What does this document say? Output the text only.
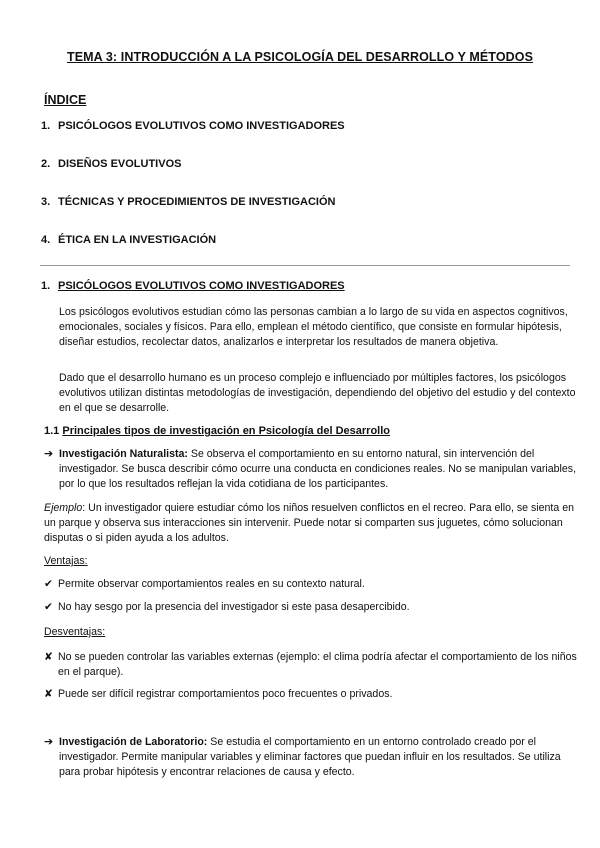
TEMA 3: INTRODUCCIÓN A LA PSICOLOGÍA DEL DESARROLLO Y MÉTODOS
ÍNDICE
1. PSICÓLOGOS EVOLUTIVOS COMO INVESTIGADORES
2. DISEÑOS EVOLUTIVOS
3. TÉCNICAS Y PROCEDIMIENTOS DE INVESTIGACIÓN
4. ÉTICA EN LA INVESTIGACIÓN
1. PSICÓLOGOS EVOLUTIVOS COMO INVESTIGADORES
Los psicólogos evolutivos estudian cómo las personas cambian a lo largo de su vida en aspectos cognitivos, emocionales, sociales y físicos. Para ello, emplean el método científico, que consiste en formular hipótesis, diseñar estudios, recolectar datos, analizarlos e interpretar los resultados de manera objetiva.
Dado que el desarrollo humano es un proceso complejo e influenciado por múltiples factores, los psicólogos evolutivos utilizan distintas metodologías de investigación, dependiendo del objetivo del estudio y del contexto en el que se desarrolle.
1.1 Principales tipos de investigación en Psicología del Desarrollo
➔ Investigación Naturalista: Se observa el comportamiento en su entorno natural, sin intervención del investigador. Se busca describir cómo ocurre una conducta en condiciones reales. No se manipulan variables, por lo que los resultados reflejan la vida cotidiana de los participantes.
Ejemplo: Un investigador quiere estudiar cómo los niños resuelven conflictos en el recreo. Para ello, se sienta en un parque y observa sus interacciones sin intervenir. Puede notar si comparten sus juguetes, cómo solucionan disputas o si piden ayuda a los adultos.
Ventajas:
✔ Permite observar comportamientos reales en su contexto natural.
✔ No hay sesgo por la presencia del investigador si este pasa desapercibido.
Desventajas:
✘ No se pueden controlar las variables externas (ejemplo: el clima podría afectar el comportamiento de los niños en el parque).
✘ Puede ser difícil registrar comportamientos poco frecuentes o privados.
➔ Investigación de Laboratorio: Se estudia el comportamiento en un entorno controlado creado por el investigador. Permite manipular variables y eliminar factores que puedan influir en los resultados. Se utiliza para probar hipótesis y encontrar relaciones de causa y efecto.
